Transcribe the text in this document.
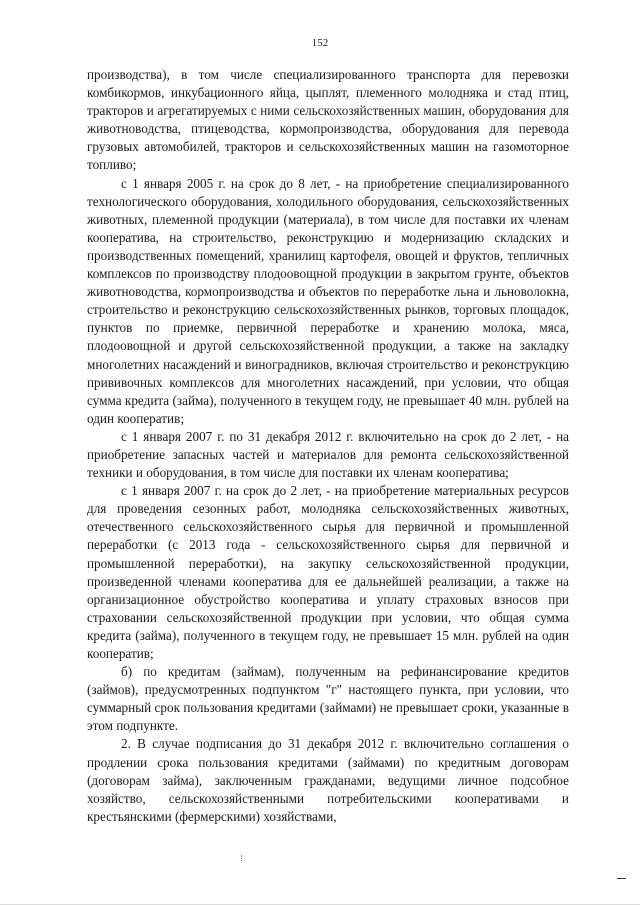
152

производства), в том числе специализированного транспорта для перевозки комбикормов, инкубационного яйца, цыплят, племенного молодняка и стад птиц, тракторов и агрегатируемых с ними сельскохозяйственных машин, оборудования для животноводства, птицеводства, кормопроизводства, оборудования для перевода грузовых автомобилей, тракторов и сельскохозяйственных машин на газомоторное топливо;

с 1 января 2005 г. на срок до 8 лет, - на приобретение специализированного технологического оборудования, холодильного оборудования, сельскохозяйственных животных, племенной продукции (материала), в том числе для поставки их членам кооператива, на строительство, реконструкцию и модернизацию складских и производственных помещений, хранилищ картофеля, овощей и фруктов, тепличных комплексов по производству плодоовощной продукции в закрытом грунте, объектов животноводства, кормопроизводства и объектов по переработке льна и льноволокна, строительство и реконструкцию сельскохозяйственных рынков, торговых площадок, пунктов по приемке, первичной переработке и хранению молока, мяса, плодоовощной и другой сельскохозяйственной продукции, а также на закладку многолетних насаждений и виноградников, включая строительство и реконструкцию прививочных комплексов для многолетних насаждений, при условии, что общая сумма кредита (займа), полученного в текущем году, не превышает 40 млн. рублей на один кооператив;

с 1 января 2007 г. по 31 декабря 2012 г. включительно на срок до 2 лет, - на приобретение запасных частей и материалов для ремонта сельскохозяйственной техники и оборудования, в том числе для поставки их членам кооператива;

с 1 января 2007 г. на срок до 2 лет, - на приобретение материальных ресурсов для проведения сезонных работ, молодняка сельскохозяйственных животных, отечественного сельскохозяйственного сырья для первичной и промышленной переработки (с 2013 года - сельскохозяйственного сырья для первичной и промышленной переработки), на закупку сельскохозяйственной продукции, произведенной членами кооператива для ее дальнейшей реализации, а также на организационное обустройство кооператива и уплату страховых взносов при страховании сельскохозяйственной продукции при условии, что общая сумма кредита (займа), полученного в текущем году, не превышает 15 млн. рублей на один кооператив;

б) по кредитам (займам), полученным на рефинансирование кредитов (займов), предусмотренных подпунктом "г" настоящего пункта, при условии, что суммарный срок пользования кредитами (займами) не превышает сроки, указанные в этом подпункте.

2. В случае подписания до 31 декабря 2012 г. включительно соглашения о продлении срока пользования кредитами (займами) по кредитным договорам (договорам займа), заключенным гражданами, ведущими личное подсобное хозяйство, сельскохозяйственными потребительскими кооперативами и крестьянскими (фермерскими) хозяйствами,
